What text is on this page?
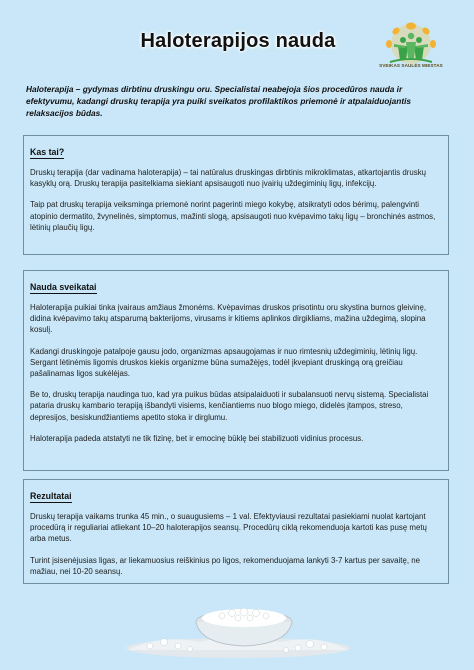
Haloterapijos nauda
SVEIKAS SAULĖS MIESTAS
Haloterapija – gydymas dirbtinu druskingu oru. Specialistai neabejoja šios procedūros nauda ir efektyvumu, kadangi druskų terapija yra puiki sveikatos profilaktikos priemonė ir atpalaiduojantis relaksacijos būdas.
Kas tai?

Druskų terapija (dar vadinama haloterapija) – tai natūralus druskingas dirbtinis mikroklimatas, atkartojantis druskų kasyklų orą. Druskų terapija pasitelkiama siekiant apsisaugoti nuo įvairių uždegiminių ligų, infekcijų.

Taip pat druskų terapija veiksminga priemonė norint pagerinti miego kokybę, atsikratyti odos bėrimų, palengvinti atopinio dermatito, žvynelinės, simptomus, mažinti slogą, apsisaugoti nuo kvėpavimo takų ligų – bronchinės astmos, lėtinių plaučių ligų.

Nauda sveikatai

Haloterapija puikiai tinka įvairaus amžiaus žmonėms. Kvėpavimas druskos prisotintu oru skystina burnos gleivinę, didina kvėpavimo takų atsparumą bakterijoms, virusams ir kitiems aplinkos dirgikliams, mažina uždegimą, slopina kosulį.

Kadangi druskingoje patalpoje gausu jodo, organizmas apsaugojamas ir nuo rimtesnių uždegiminių, lėtinių ligų. Sergant lėtinėmis ligomis druskos kiekis organizme būna sumažėjęs, todėl įkvepiant druskingą orą greičiau pašalinamas ligos sukėlėjas.

Be to, druskų terapija naudinga tuo, kad yra puikus būdas atsipalaiduoti ir subalansuoti nervų sistemą. Specialistai pataria druskų kambario terapiją išbandyti visiems, kenčiantiems nuo blogo miego, didelės įtampos, streso, depresijos, besiskundžiantiems apetito stoka ir dirglumu.

Haloterapija padeda atstatyti ne tik fizinę, bet ir emocinę būklę bei stabilizuoti vidinius procesus.

Rezultatai

Druskų terapija vaikams trunka 45 min., o suaugusiems – 1 val. Efektyviausi rezultatai pasiekiami nuolat kartojant procedūrą ir reguliariai atliekant 10–20 haloterapijos seansų. Procedūrų ciklą rekomenduoja kartoti kas pusę metų arba metus.

Turint įsisenėjusias ligas, ar liekamuosius reiškinius po ligos, rekomenduojama lankyti 3-7 kartus per savaitę, ne mažiau, nei 10-20 seansų.
